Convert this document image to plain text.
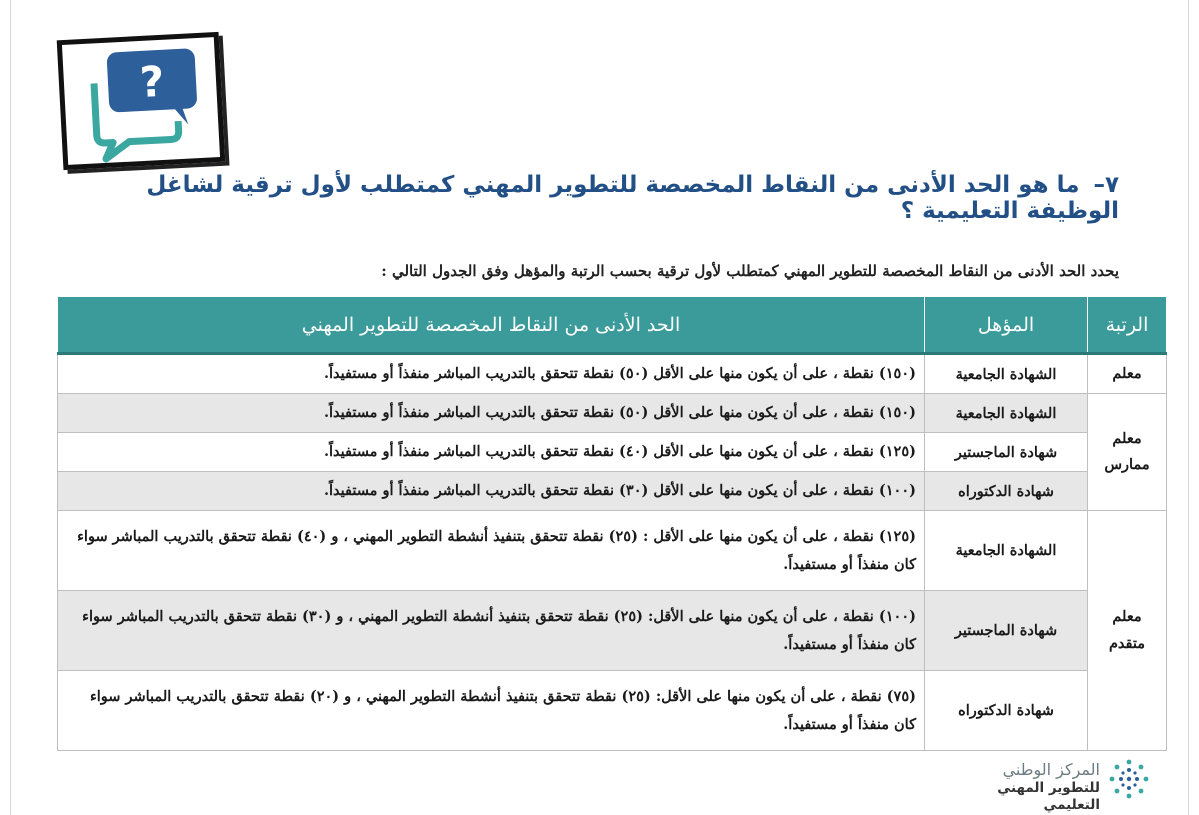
?
٧–ما هو الحد الأدنى من النقاط المخصصة للتطوير المهني كمتطلب لأول ترقية لشاغل الوظيفة التعليمية ؟
يحدد الحد الأدنى من النقاط المخصصة للتطوير المهني كمتطلب لأول ترقية بحسب الرتبة والمؤهل وفق الجدول التالي :
الرتبة	المؤهل	الحد الأدنى من النقاط المخصصة للتطوير المهني
معلم	الشهادة الجامعية	(١٥٠) نقطة ، على أن يكون منها على الأقل (٥٠) نقطة تتحقق بالتدريب المباشر منفذاً أو مستفيداً.
معلم
ممارس	الشهادة الجامعية	(١٥٠) نقطة ، على أن يكون منها على الأقل (٥٠) نقطة تتحقق بالتدريب المباشر منفذاً أو مستفيداً.
	شهادة الماجستير	(١٢٥) نقطة ، على أن يكون منها على الأقل (٤٠) نقطة تتحقق بالتدريب المباشر منفذاً أو مستفيداً.
	شهادة الدكتوراه	(١٠٠) نقطة ، على أن يكون منها على الأقل (٣٠) نقطة تتحقق بالتدريب المباشر منفذاً أو مستفيداً.
معلم
متقدم	الشهادة الجامعية	(١٢٥) نقطة ، على أن يكون منها على الأقل : (٢٥) نقطة تتحقق بتنفيذ أنشطة التطوير المهني ، و (٤٠) نقطة تتحقق بالتدريب المباشر سواء كان منفذاً أو مستفيداً.
	شهادة الماجستير	(١٠٠) نقطة ، على أن يكون منها على الأقل: (٢٥) نقطة تتحقق بتنفيذ أنشطة التطوير المهني ، و (٣٠) نقطة تتحقق بالتدريب المباشر سواء كان منفذاً أو مستفيداً.
	شهادة الدكتوراه	(٧٥) نقطة ، على أن يكون منها على الأقل: (٢٥) نقطة تتحقق بتنفيذ أنشطة التطوير المهني ، و (٢٠) نقطة تتحقق بالتدريب المباشر سواء كان منفذاً أو مستفيداً.
المركز الوطني
للتطوير المهني التعليمي
